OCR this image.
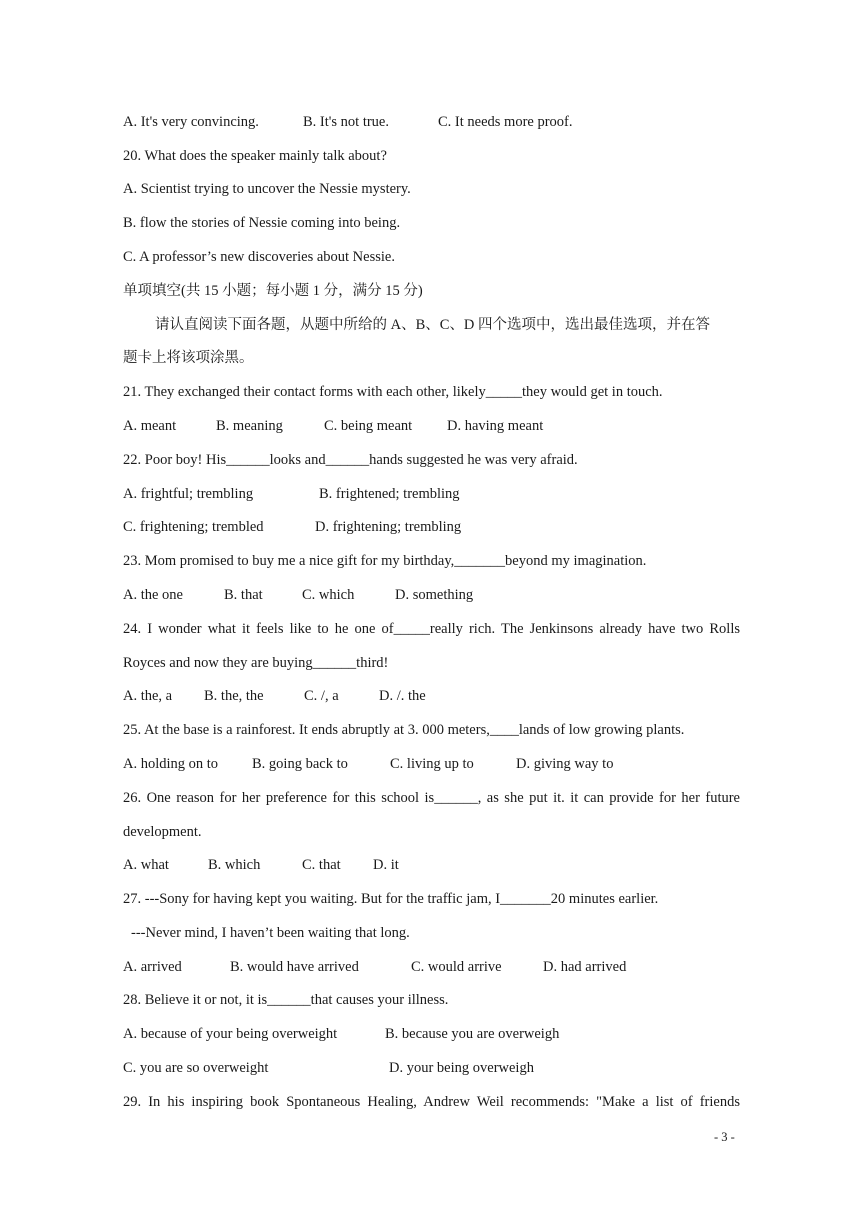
A. It's very convincing.	B. It's not true.	C. It needs more proof.
20. What does the speaker mainly talk about?
A. Scientist trying to uncover the Nessie mystery.
B. flow the stories of Nessie coming into being.
C. A professor’s new discoveries about Nessie.
单项填空(共 15 小题；每小题 1 分，满分 15 分)
请认直阅读下面各题，从题中所给的 A、B、C、D 四个选项中，选出最佳选项，并在答
题卡上将该项涂黑。
21. They exchanged their contact forms with each other, likely_____they would get in touch.
A. meant	B. meaning	C. being meant D. having meant
22. Poor boy! His______looks and______hands suggested he was very afraid.
A. frightful; trembling	B. frightened; trembling
C. frightening; trembled	D. frightening; trembling
23. Mom promised to buy me a nice gift for my birthday,_______beyond my imagination.
A. the one	B. that	C. which	D. something
24. I wonder what it feels like to he one of_____really rich. The Jenkinsons already have two Rolls
Royces and now they are buying______third!
A. the, a B. the, the	C. /, a	D. /. the
25. At the base is a rainforest. It ends abruptly at 3. 000 meters,____lands of low growing plants.
A. holding on to B. going back to	C. living up to	D. giving way to
26. One reason for her preference for this school is______, as she put it. it can provide for her future
development.
A. what	B. which	C. that D. it
27. ---Sony for having kept you waiting. But for the traffic jam, I_______20 minutes earlier.
---Never mind, I haven’t been waiting that long.
A. arrived	B. would have arrived	C. would arrive	D. had arrived
28. Believe it or not, it is______that causes your illness.
A. because of your being overweight	B. because you are overweigh
C. you are so overweight	D. your being overweigh
29. In his inspiring book Spontaneous Healing, Andrew Weil recommends: "Make a list of friends
- 3 -
